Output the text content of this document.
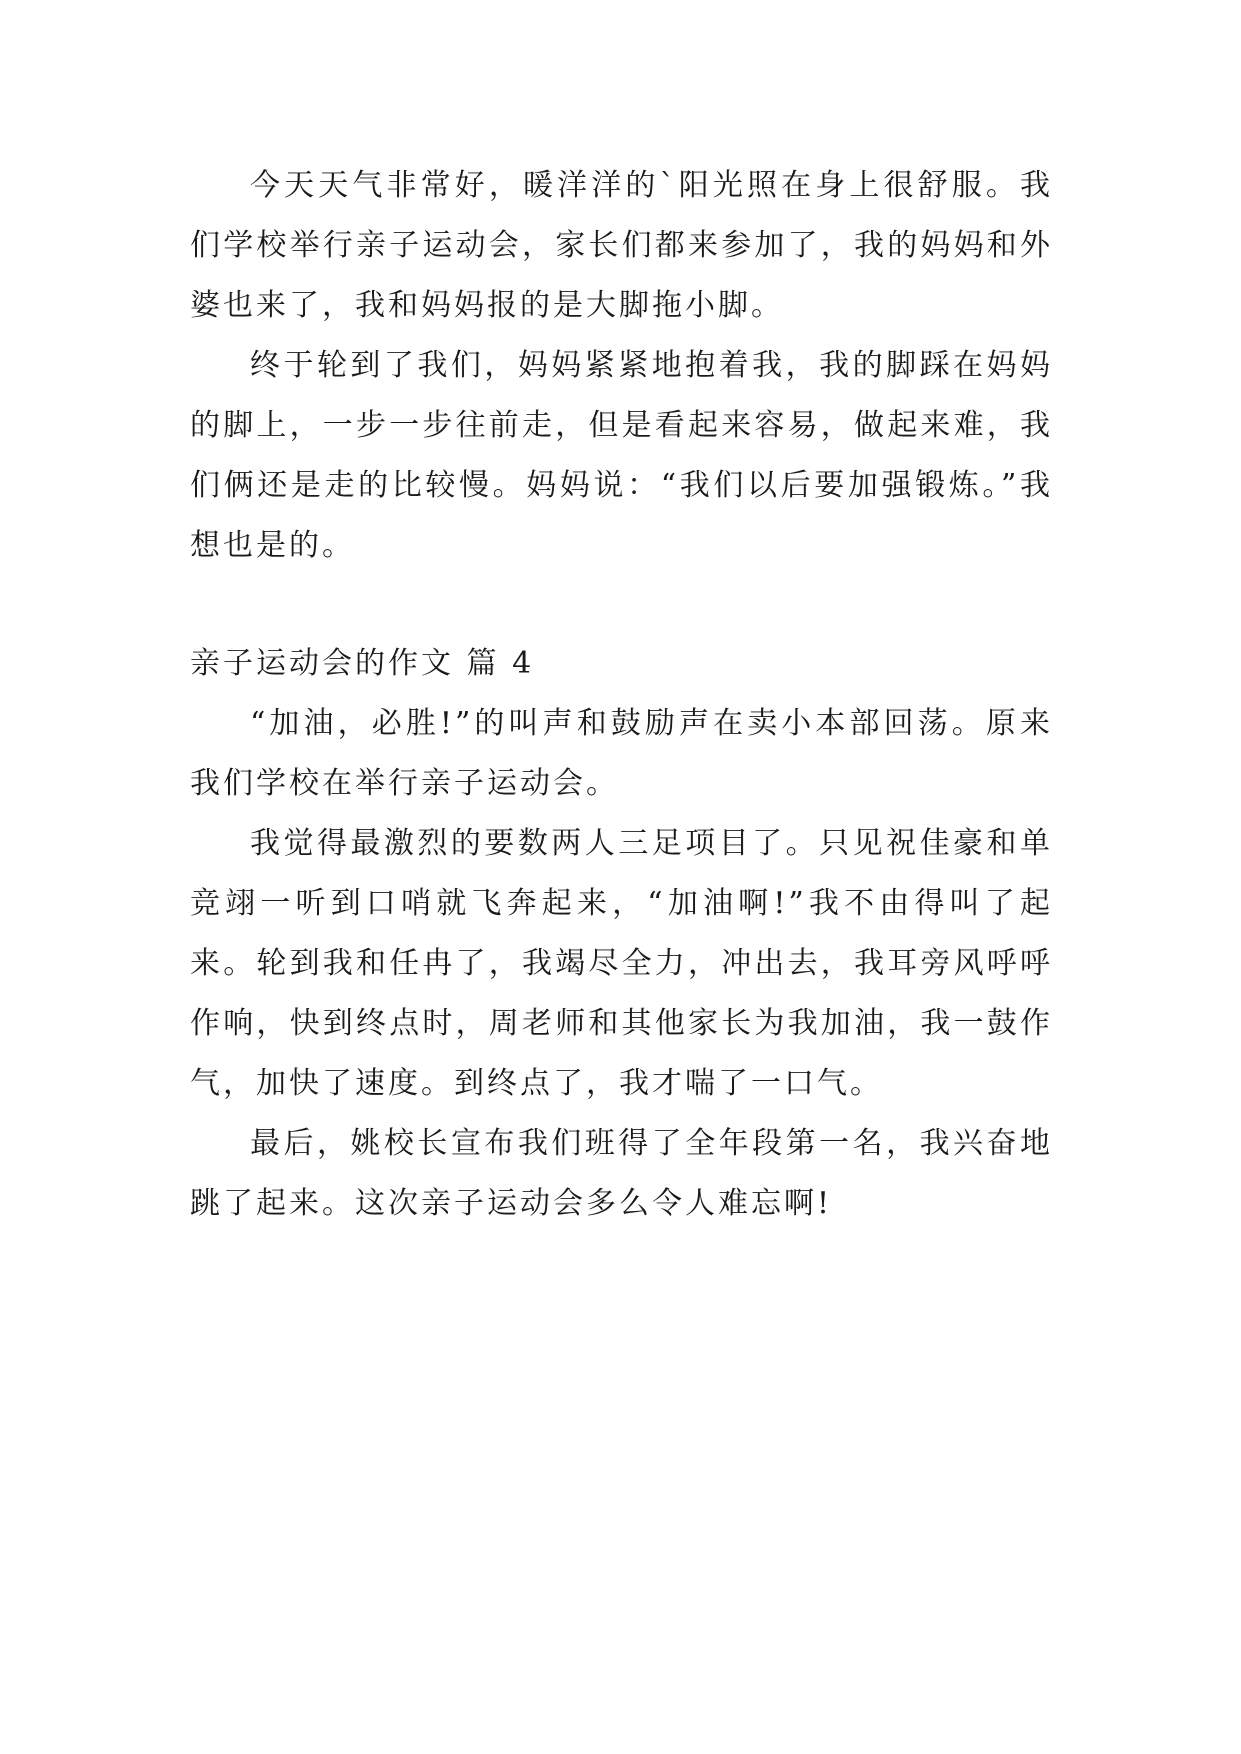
今天天气非常好，暖洋洋的`阳光照在身上很舒服。我们学校举行亲子运动会，家长们都来参加了，我的妈妈和外婆也来了，我和妈妈报的是大脚拖小脚。

终于轮到了我们，妈妈紧紧地抱着我，我的脚踩在妈妈的脚上，一步一步往前走，但是看起来容易，做起来难，我们俩还是走的比较慢。妈妈说：“我们以后要加强锻炼。”我想也是的。

亲子运动会的作文 篇 4

“加油，必胜!”的叫声和鼓励声在卖小本部回荡。原来我们学校在举行亲子运动会。

我觉得最激烈的要数两人三足项目了。只见祝佳豪和单竞翊一听到口哨就飞奔起来，“加油啊!”我不由得叫了起来。轮到我和任冉了，我竭尽全力，冲出去，我耳旁风呼呼作响，快到终点时，周老师和其他家长为我加油，我一鼓作气，加快了速度。到终点了，我才喘了一口气。

最后，姚校长宣布我们班得了全年段第一名，我兴奋地跳了起来。这次亲子运动会多么令人难忘啊!
